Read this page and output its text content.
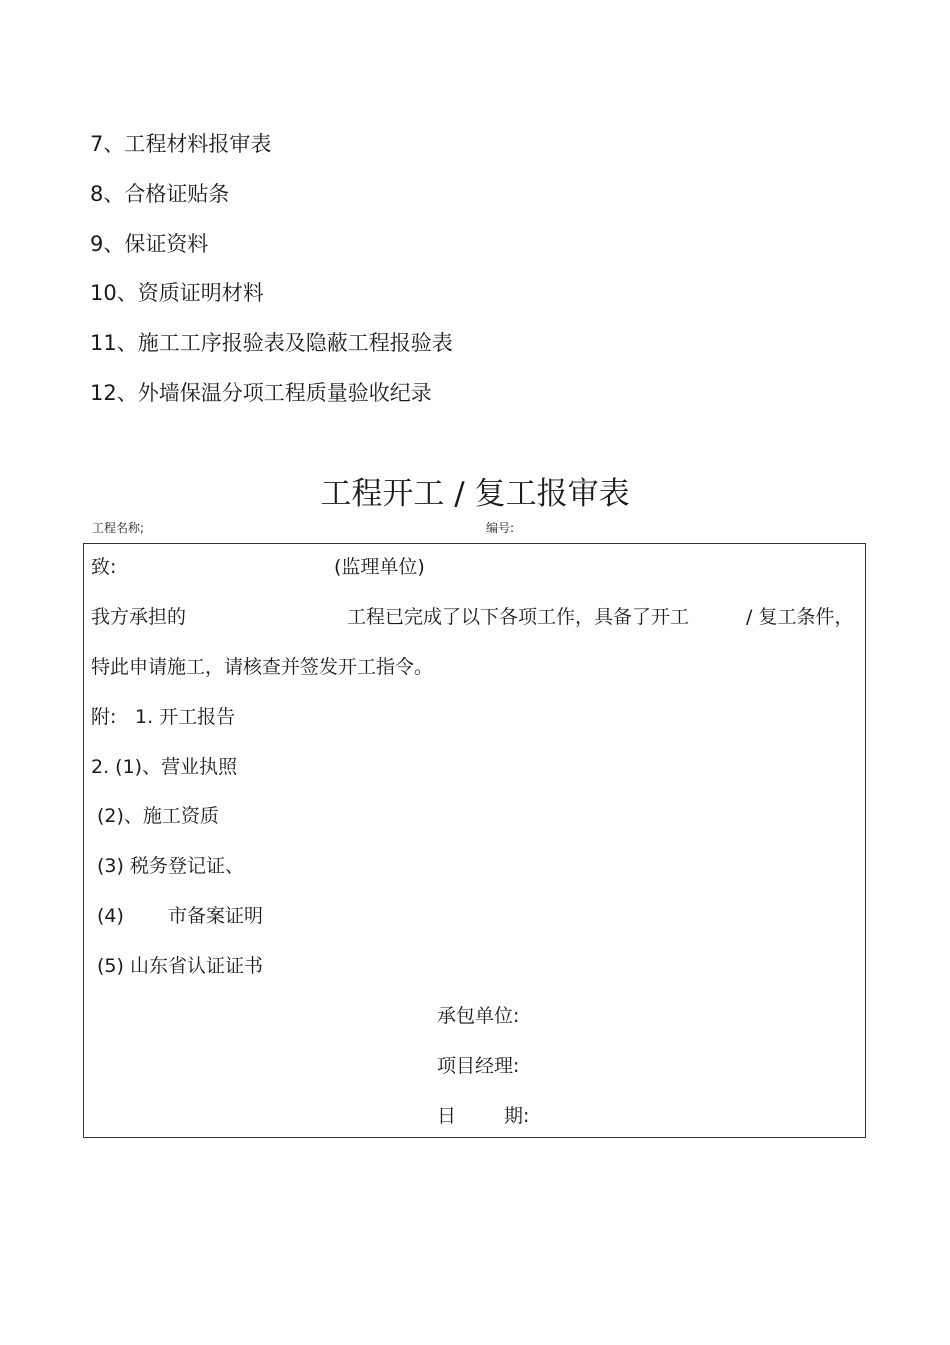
7、工程材料报审表
8、合格证贴条
9、保证资料
10、资质证明材料
11、施工工序报验表及隐蔽工程报验表
12、外墙保温分项工程质量验收纪录
工程开工 / 复工报审表
工程名称;	编号:
致:	(监理单位)
我方承担的	工程已完成了以下各项工作，具备了开工	/ 复工条件，
特此申请施工，请核查并签发开工指令。
附: 1. 开工报告
2. (1)、营业执照
(2)、施工资质
(3) 税务登记证、
(4) 市备案证明
(5) 山东省认证证书
承包单位:
项目经理:
日	期:
